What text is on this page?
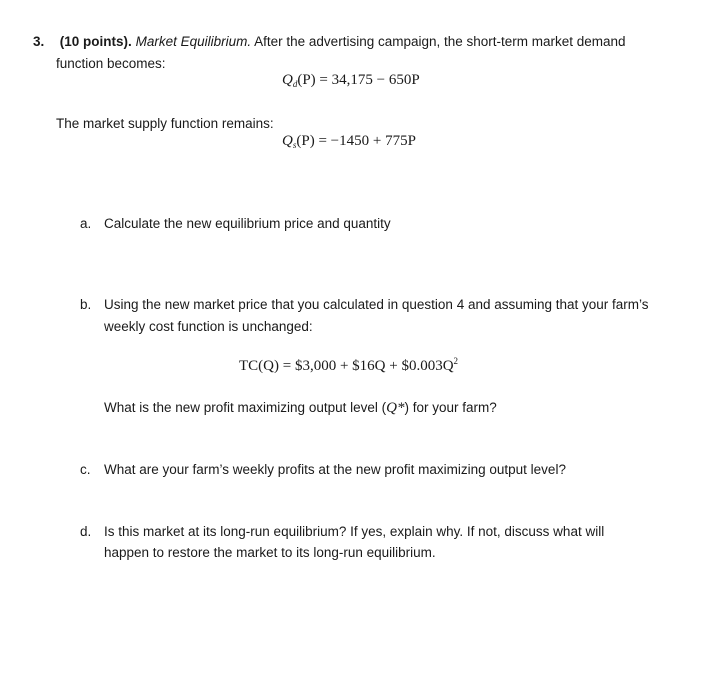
3. (10 points). Market Equilibrium. After the advertising campaign, the short-term market demand
function becomes:
$Q_d(P) = 34,175 - 650P$
The market supply function remains:
$Q_s(P) = -1450 + 775P$
a. Calculate the new equilibrium price and quantity
b. Using the new market price that you calculated in question 4 and assuming that your farm’s
weekly cost function is unchanged:
TC(Q) = $3,000 + $16Q + $\$0.003Q^2$
What is the new profit maximizing output level (Q*) for your farm?
c. What are your farm’s weekly profits at the new profit maximizing output level?
d. Is this market at its long-run equilibrium? If yes, explain why. If not, discuss what will
happen to restore the market to its long-run equilibrium.
